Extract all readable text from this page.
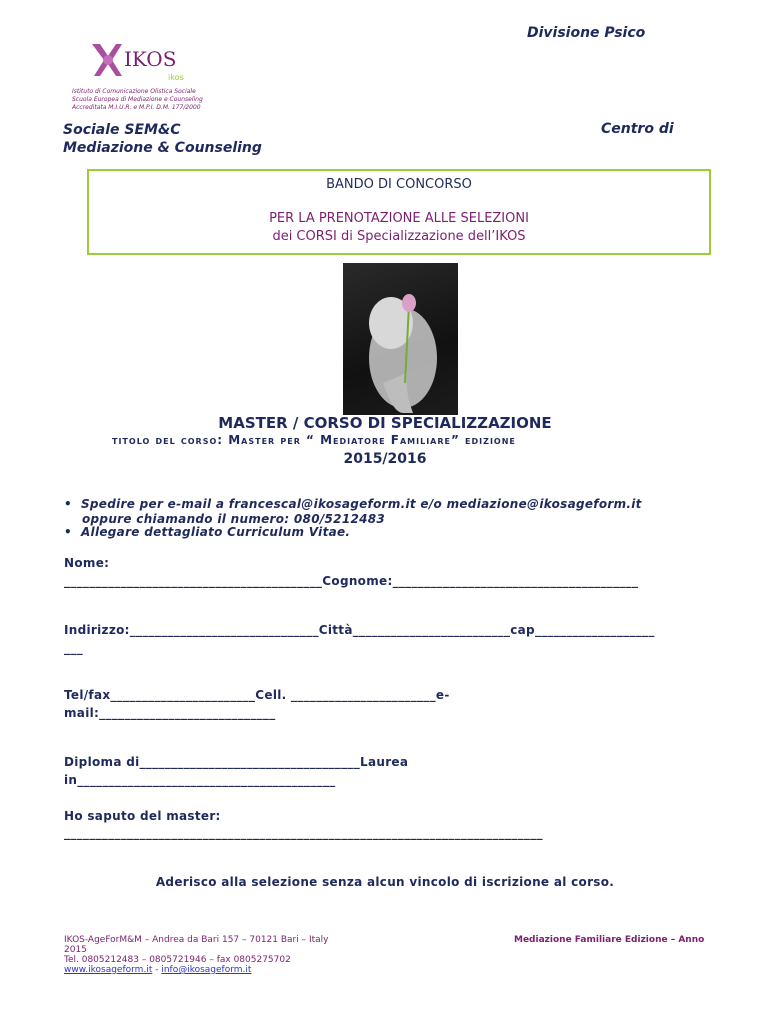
Divisione Psico
IKOS
ikos
Istituto di Comunicazione Olistica Sociale
Scuola Europea di Mediazione e Counseling
Accreditata M.I.U.R. e M.P.I. D.M. 177/2000
Sociale SEM&C
Mediazione & Counseling
Centro di
BANDO DI CONCORSO
PER LA PRENOTAZIONE ALLE SELEZIONI
dei CORSI di Specializzazione dell’IKOS
MASTER / CORSO DI SPECIALIZZAZIONE
titolo del corso: Master per “ Mediatore Familiare” edizione
2015/2016
•  Spedire per e-mail a francescal@ikosageform.it e/o mediazione@ikosageform.it
oppure chiamando il numero: 080/5212483
•  Allegare dettagliato Curriculum Vitae.
Nome:
_________________________________________Cognome:_______________________________________
Indirizzo:______________________________Città_________________________cap___________________
___
Tel/fax_______________________Cell. _______________________e-
mail:____________________________
Diploma di___________________________________Laurea
in_________________________________________
Ho saputo del master:
____________________________________________________________________________
Aderisco alla selezione senza alcun vincolo di iscrizione al corso.
IKOS-AgeForM&M – Andrea da Bari 157 – 70121 Bari – Italy
2015
Tel. 0805212483 – 0805721946 – fax 0805275702
www.ikosageform.it - info@ikosageform.it
Mediazione Familiare Edizione – Anno
